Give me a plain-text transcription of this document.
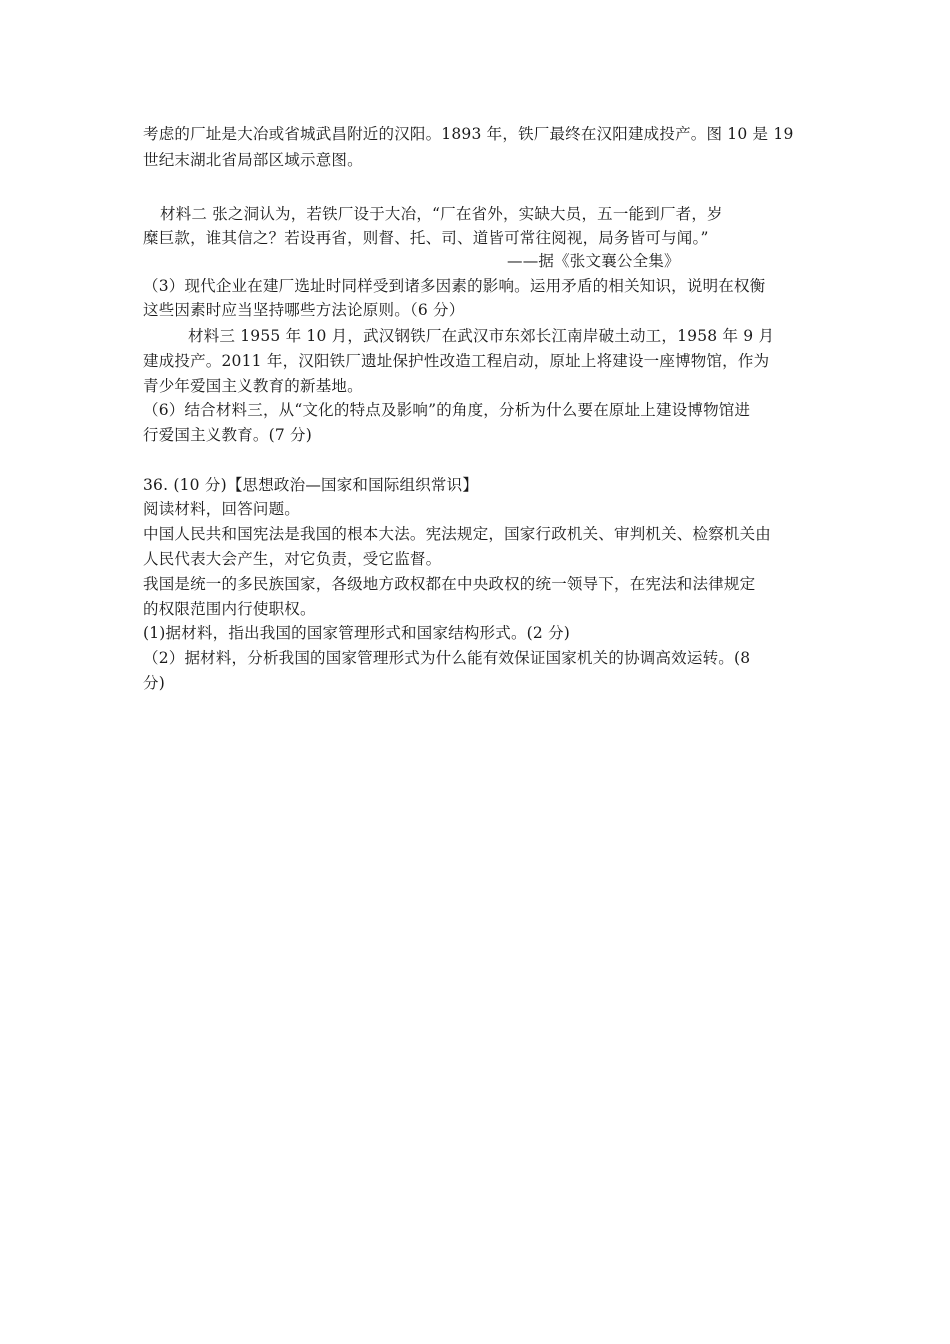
考虑的厂址是大冶或省城武昌附近的汉阳。1893 年，铁厂最终在汉阳建成投产。图 10 是 19
世纪末湖北省局部区域示意图。
材料二 张之洞认为，若铁厂设于大冶，“厂在省外，实缺大员，五一能到厂者，岁
糜巨款，谁其信之？若设再省，则督、托、司、道皆可常往阅视，局务皆可与闻。”
——据《张文襄公全集》
（3）现代企业在建厂选址时同样受到诸多因素的影响。运用矛盾的相关知识，说明在权衡
这些因素时应当坚持哪些方法论原则。（6 分）
材料三 1955 年 10 月，武汉钢铁厂在武汉市东郊长江南岸破土动工，1958 年 9 月
建成投产。2011 年，汉阳铁厂遗址保护性改造工程启动，原址上将建设一座博物馆，作为
青少年爱国主义教育的新基地。
（6）结合材料三，从“文化的特点及影响”的角度，分析为什么要在原址上建设博物馆进
行爱国主义教育。(7 分)
36. (10 分)【思想政治—国家和国际组织常识】
阅读材料，回答问题。
中国人民共和国宪法是我国的根本大法。宪法规定，国家行政机关、审判机关、检察机关由
人民代表大会产生，对它负责，受它监督。
我国是统一的多民族国家，各级地方政权都在中央政权的统一领导下，在宪法和法律规定
的权限范围内行使职权。
(1)据材料，指出我国的国家管理形式和国家结构形式。(2 分)
（2）据材料，分析我国的国家管理形式为什么能有效保证国家机关的协调高效运转。(8
分)
